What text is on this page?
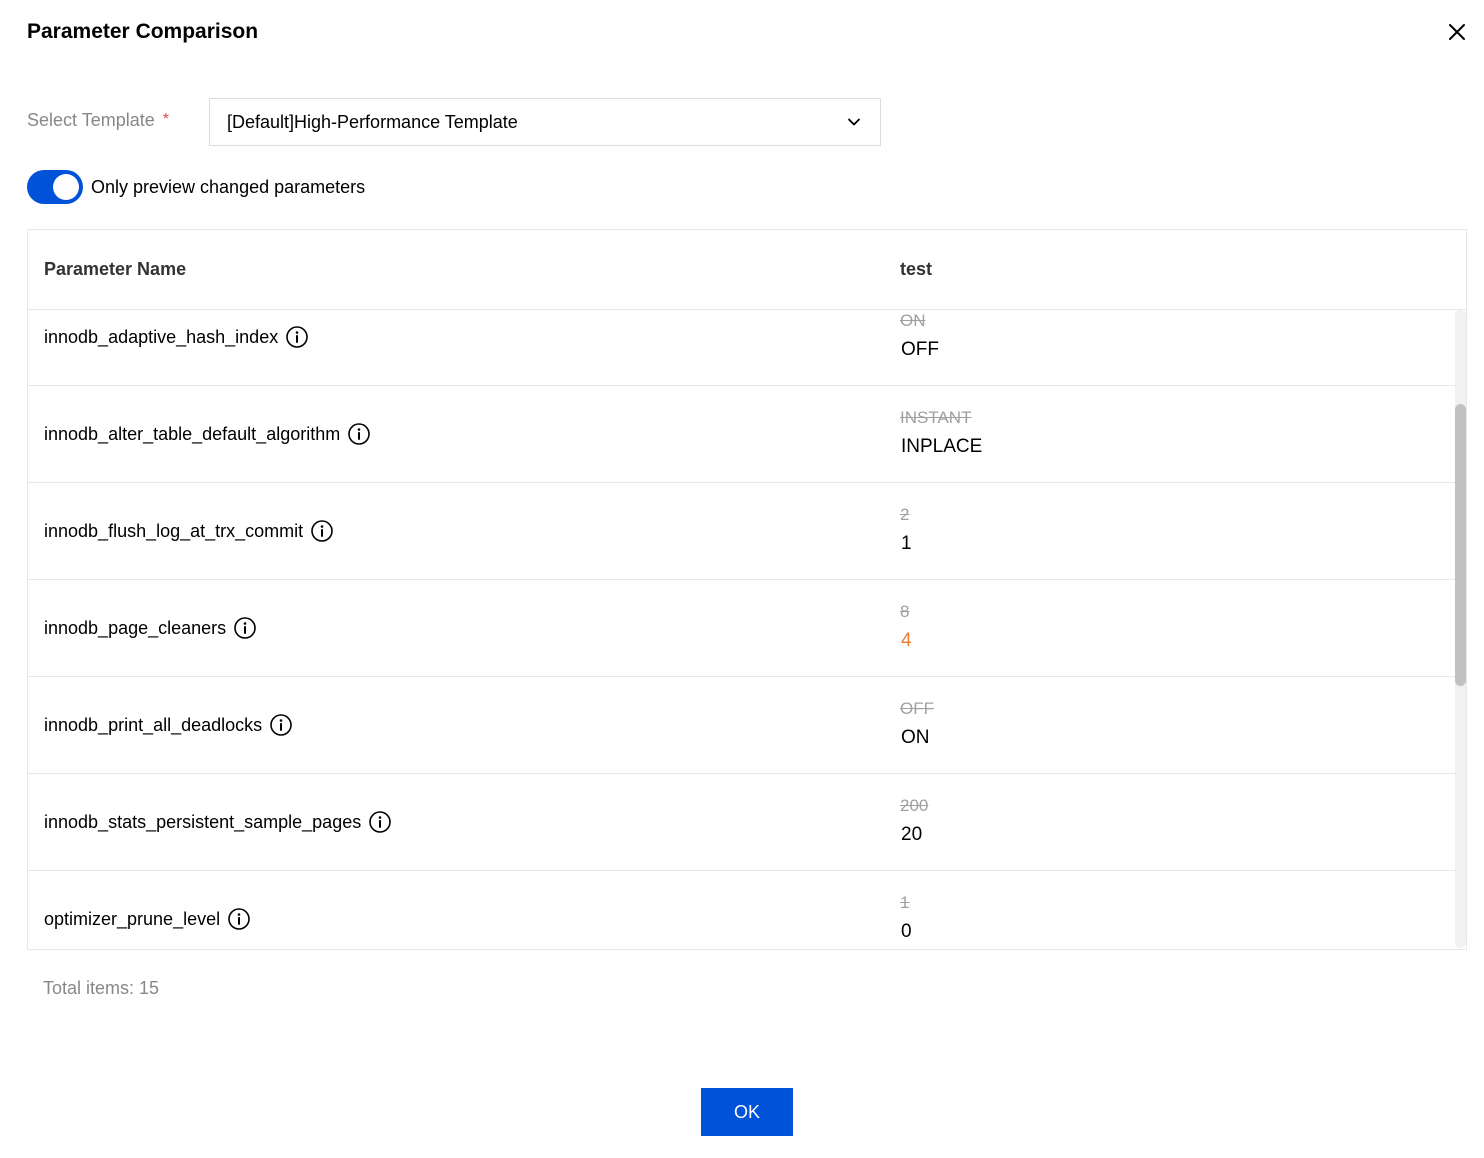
Parameter Comparison
Select Template *	[Default]High-Performance Template
Only preview changed parameters
Parameter Name	test
innodb_adaptive_hash_index
ON
OFF
innodb_alter_table_default_algorithm
INSTANT
INPLACE
innodb_flush_log_at_trx_commit
2
1
innodb_page_cleaners
8
4
innodb_print_all_deadlocks
OFF
ON
innodb_stats_persistent_sample_pages
200
20
optimizer_prune_level
1
0
Total items: 15
OK
